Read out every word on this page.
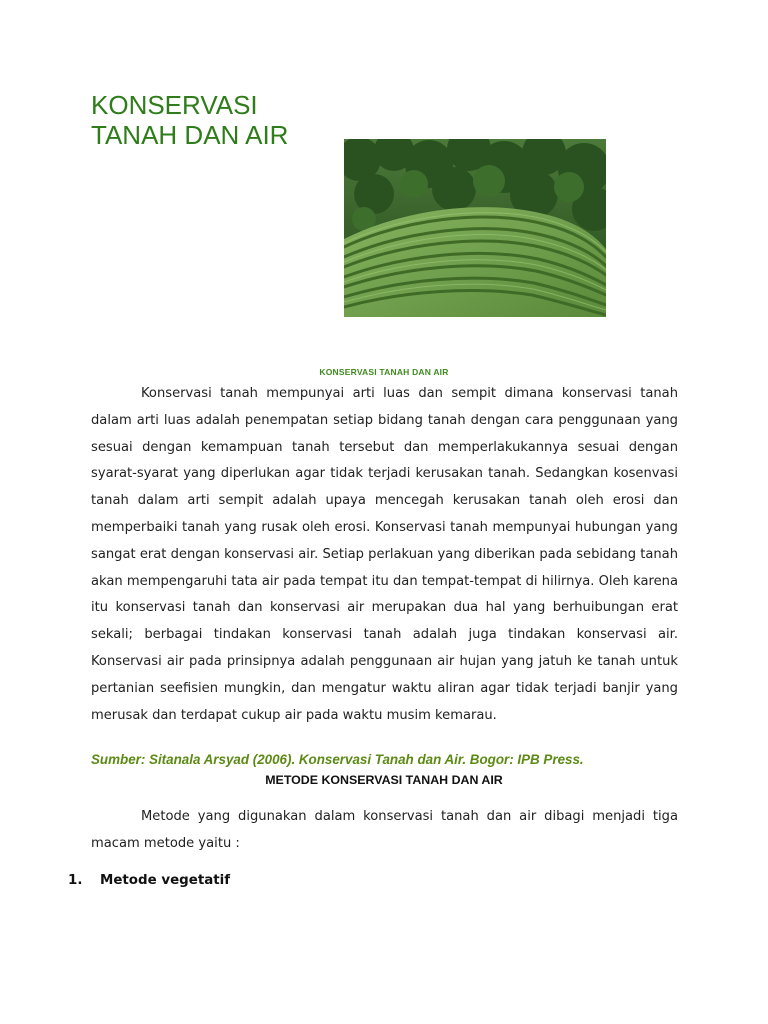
KONSERVASI
TANAH DAN AIR
KONSERVASI TANAH DAN AIR

Konservasi tanah mempunyai arti luas dan sempit dimana konservasi tanah dalam arti luas adalah penempatan setiap bidang tanah dengan cara penggunaan yang sesuai dengan kemampuan tanah tersebut dan memperlakukannya sesuai dengan syarat-syarat yang diperlukan agar tidak terjadi kerusakan tanah. Sedangkan kosenvasi tanah dalam arti sempit adalah upaya mencegah kerusakan tanah oleh erosi dan memperbaiki tanah yang rusak oleh erosi. Konservasi tanah mempunyai hubungan yang sangat erat dengan konservasi air. Setiap perlakuan yang diberikan pada sebidang tanah akan mempengaruhi tata air pada tempat itu dan tempat-tempat di hilirnya. Oleh karena itu konservasi tanah dan konservasi air merupakan dua hal yang berhuibungan erat sekali; berbagai tindakan konservasi tanah adalah juga tindakan konservasi air. Konservasi air pada prinsipnya adalah penggunaan air hujan yang jatuh ke tanah untuk pertanian seefisien mungkin, dan mengatur waktu aliran agar tidak terjadi banjir yang merusak dan terdapat cukup air pada waktu musim kemarau.

Sumber: Sitanala Arsyad (2006). Konservasi Tanah dan Air. Bogor: IPB Press.

METODE KONSERVASI TANAH DAN AIR

Metode yang digunakan dalam konservasi tanah dan air dibagi menjadi tiga macam metode yaitu :

1. Metode vegetatif
